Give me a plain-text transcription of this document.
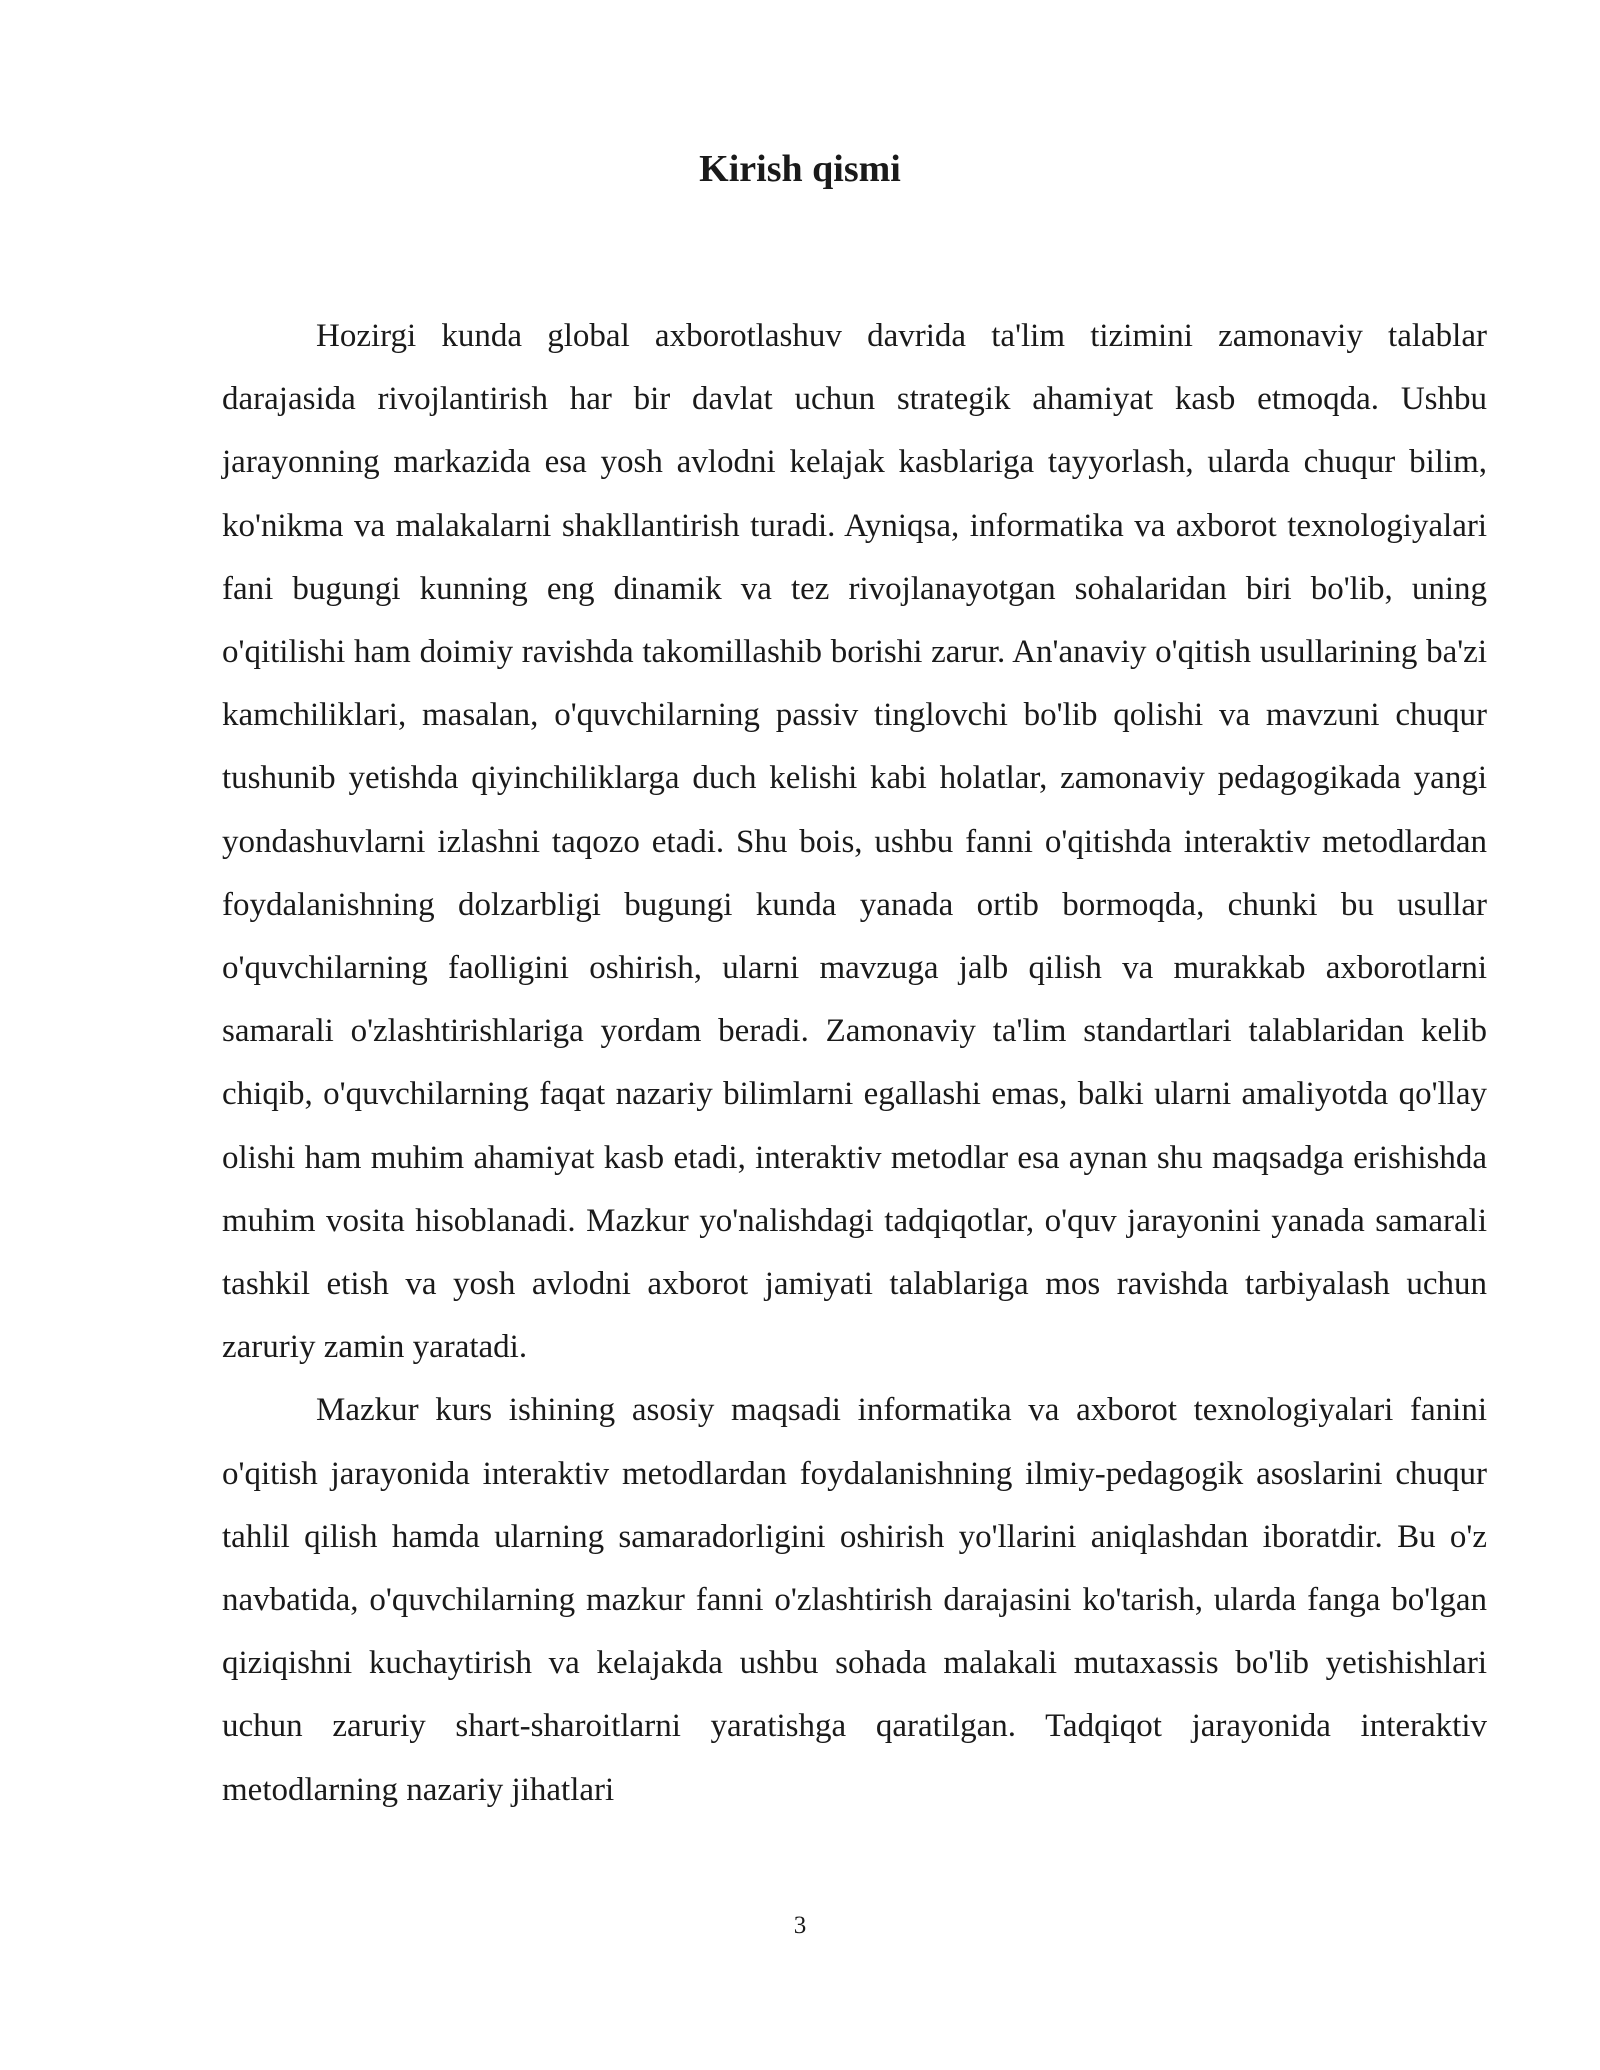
Kirish qismi

Hozirgi kunda global axborotlashuv davrida ta'lim tizimini zamonaviy talablar darajasida rivojlantirish har bir davlat uchun strategik ahamiyat kasb etmoqda. Ushbu jarayonning markazida esa yosh avlodni kelajak kasblariga tayyorlash, ularda chuqur bilim, ko'nikma va malakalarni shakllantirish turadi. Ayniqsa, informatika va axborot texnologiyalari fani bugungi kunning eng dinamik va tez rivojlanayotgan sohalaridan biri bo'lib, uning o'qitilishi ham doimiy ravishda takomillashib borishi zarur. An'anaviy o'qitish usullarining ba'zi kamchiliklari, masalan, o'quvchilarning passiv tinglovchi bo'lib qolishi va mavzuni chuqur tushunib yetishda qiyinchiliklarga duch kelishi kabi holatlar, zamonaviy pedagogikada yangi yondashuvlarni izlashni taqozo etadi. Shu bois, ushbu fanni o'qitishda interaktiv metodlardan foydalanishning dolzarbligi bugungi kunda yanada ortib bormoqda, chunki bu usullar o'quvchilarning faolligini oshirish, ularni mavzuga jalb qilish va murakkab axborotlarni samarali o'zlashtirishlariga yordam beradi. Zamonaviy ta'lim standartlari talablaridan kelib chiqib, o'quvchilarning faqat nazariy bilimlarni egallashi emas, balki ularni amaliyotda qo'llay olishi ham muhim ahamiyat kasb etadi, interaktiv metodlar esa aynan shu maqsadga erishishda muhim vosita hisoblanadi. Mazkur yo'nalishdagi tadqiqotlar, o'quv jarayonini yanada samarali tashkil etish va yosh avlodni axborot jamiyati talablariga mos ravishda tarbiyalash uchun zaruriy zamin yaratadi.

Mazkur kurs ishining asosiy maqsadi informatika va axborot texnologiyalari fanini o'qitish jarayonida interaktiv metodlardan foydalanishning ilmiy-pedagogik asoslarini chuqur tahlil qilish hamda ularning samaradorligini oshirish yo'llarini aniqlashdan iboratdir. Bu o'z navbatida, o'quvchilarning mazkur fanni o'zlashtirish darajasini ko'tarish, ularda fanga bo'lgan qiziqishni kuchaytirish va kelajakda ushbu sohada malakali mutaxassis bo'lib yetishishlari uchun zaruriy shart-sharoitlarni yaratishga qaratilgan. Tadqiqot jarayonida interaktiv metodlarning nazariy jihatlari

3
